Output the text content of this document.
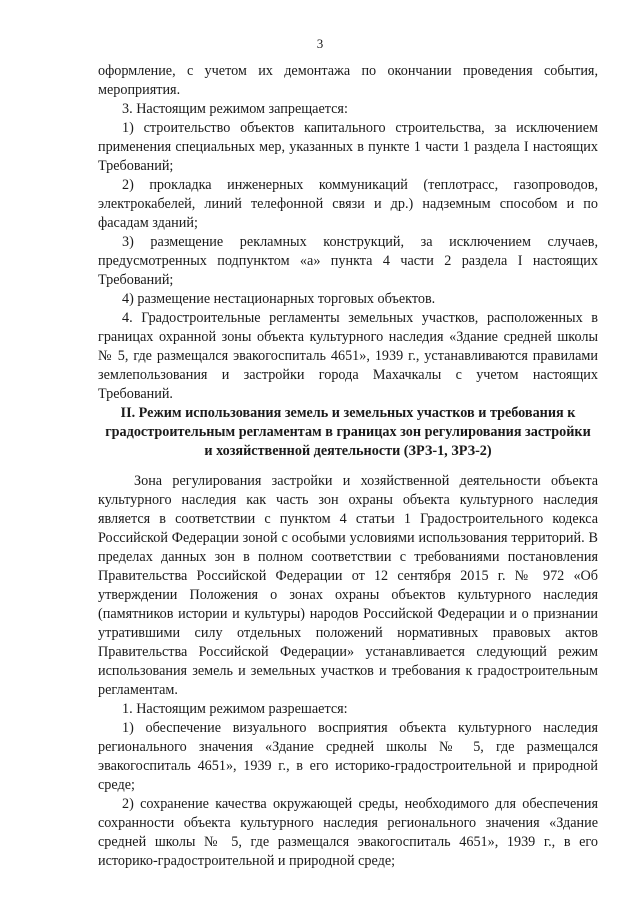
3

оформление, с учетом их демонтажа по окончании проведения события, мероприятия.

3. Настоящим режимом запрещается:

1) строительство объектов капитального строительства, за исключением применения специальных мер, указанных в пункте 1 части 1 раздела I настоящих Требований;

2) прокладка инженерных коммуникаций (теплотрасс, газопроводов, электрокабелей, линий телефонной связи и др.) надземным способом и по фасадам зданий;

3) размещение рекламных конструкций, за исключением случаев, предусмотренных подпунктом «а» пункта 4 части 2 раздела I настоящих Требований;

4) размещение нестационарных торговых объектов.

4. Градостроительные регламенты земельных участков, расположенных в границах охранной зоны объекта культурного наследия «Здание средней школы № 5, где размещался эвакогоспиталь 4651», 1939 г., устанавливаются правилами землепользования и застройки города Махачкалы с учетом настоящих Требований.

II. Режим использования земель и земельных участков и требования к градостроительным регламентам в границах зон регулирования застройки и хозяйственной деятельности (ЗРЗ-1, ЗРЗ-2)

Зона регулирования застройки и хозяйственной деятельности объекта культурного наследия как часть зон охраны объекта культурного наследия является в соответствии с пунктом 4 статьи 1 Градостроительного кодекса Российской Федерации зоной с особыми условиями использования территорий. В пределах данных зон в полном соответствии с требованиями постановления Правительства Российской Федерации от 12 сентября 2015 г. № 972 «Об утверждении Положения о зонах охраны объектов культурного наследия (памятников истории и культуры) народов Российской Федерации и о признании утратившими силу отдельных положений нормативных правовых актов Правительства Российской Федерации» устанавливается следующий режим использования земель и земельных участков и требования к градостроительным регламентам.

1. Настоящим режимом разрешается:

1) обеспечение визуального восприятия объекта культурного наследия регионального значения «Здание средней школы № 5, где размещался эвакогоспиталь 4651», 1939 г., в его историко-градостроительной и природной среде;

2) сохранение качества окружающей среды, необходимого для обеспечения сохранности объекта культурного наследия регионального значения «Здание средней школы № 5, где размещался эвакогоспиталь 4651», 1939 г., в его историко-градостроительной и природной среде;
